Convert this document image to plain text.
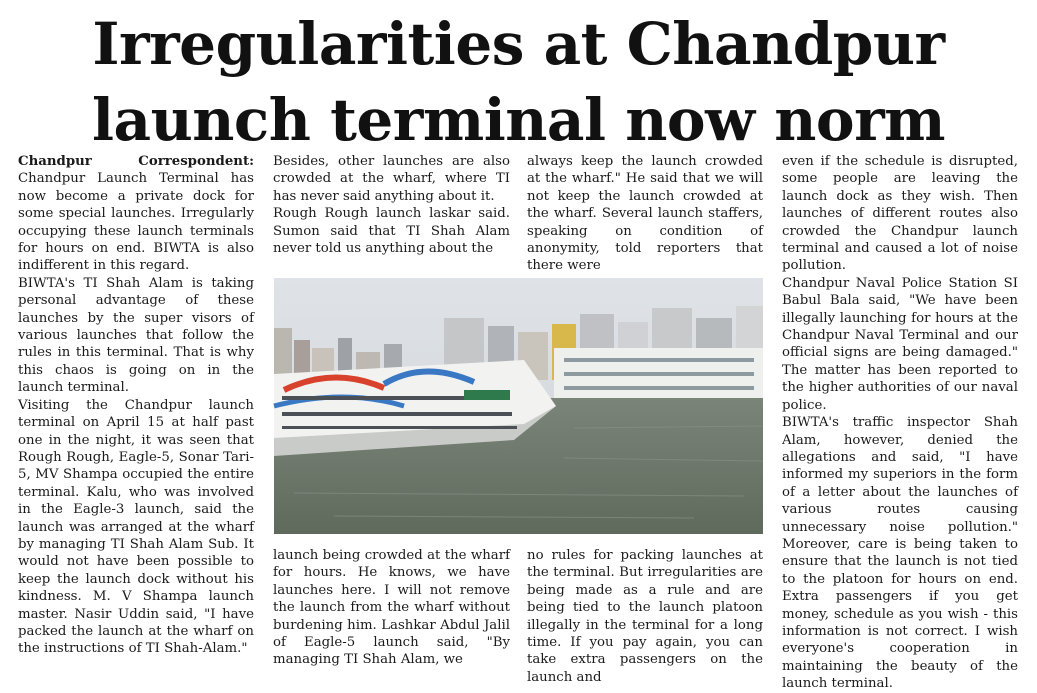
Irregularities at Chandpur
launch terminal now norm

Chandpur Correspondent:

Chandpur Launch Terminal has now become a private dock for some special launches. Irregularly occupying these launch terminals for hours on end. BIWTA is also indifferent in this regard.

BIWTA's TI Shah Alam is taking personal advantage of these launches by the super visors of various launches that follow the rules in this terminal. That is why this chaos is going on in the launch terminal.

Visiting the Chandpur launch terminal on April 15 at half past one in the night, it was seen that Rough Rough, Eagle-5, Sonar Tari-5, MV Shampa occupied the entire terminal. Kalu, who was involved in the Eagle-3 launch, said the launch was arranged at the wharf by managing TI Shah Alam Sub. It would not have been possible to keep the launch dock without his kindness. M. V Shampa launch master. Nasir Uddin said, "I have packed the launch at the wharf on the instructions of TI Shah-Alam."

Besides, other launches are also crowded at the wharf, where TI has never said anything about it.

Rough Rough launch laskar said. Sumon said that TI Shah Alam never told us anything about the

always keep the launch crowded at the wharf." He said that we will not keep the launch crowded at the wharf. Several launch staffers, speaking on condition of anonymity, told reporters that there were

launch being crowded at the wharf for hours. He knows, we have launches here. I will not remove the launch from the wharf without burdening him. Lashkar Abdul Jalil of Eagle-5 launch said, "By managing TI Shah Alam, we

no rules for packing launches at the terminal. But irregularities are being made as a rule and are being tied to the launch platoon illegally in the terminal for a long time. If you pay again, you can take extra passengers on the launch and

even if the schedule is disrupted, some people are leaving the launch dock as they wish. Then launches of different routes also crowded the Chandpur launch terminal and caused a lot of noise pollution.

Chandpur Naval Police Station SI Babul Bala said, "We have been illegally launching for hours at the Chandpur Naval Terminal and our official signs are being damaged." The matter has been reported to the higher authorities of our naval police.

BIWTA's traffic inspector Shah Alam, however, denied the allegations and said, "I have informed my superiors in the form of a letter about the launches of various routes causing unnecessary noise pollution." Moreover, care is being taken to ensure that the launch is not tied to the platoon for hours on end. Extra passengers if you get money, schedule as you wish - this information is not correct. I wish everyone's cooperation in maintaining the beauty of the launch terminal.
